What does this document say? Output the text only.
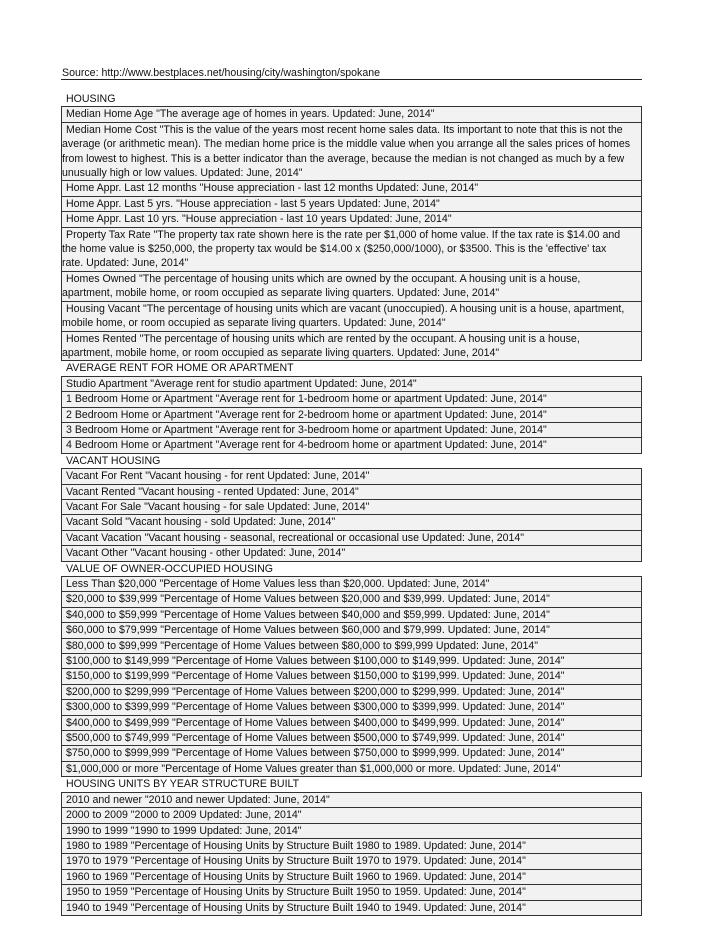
Source: http://www.bestplaces.net/housing/city/washington/spokane
HOUSING
Median Home Age "The average age of homes in years. Updated: June, 2014"
Median Home Cost "This is the value of the years most recent home sales data. Its important to note that this is not the
average (or arithmetic mean). The median home price is the middle value when you arrange all the sales prices of homes
from lowest to highest. This is a better indicator than the average, because the median is not changed as much by a few
unusually high or low values. Updated: June, 2014"
Home Appr. Last 12 months "House appreciation - last 12 months Updated: June, 2014"
Home Appr. Last 5 yrs. "House appreciation - last 5 years Updated: June, 2014"
Home Appr. Last 10 yrs. "House appreciation - last 10 years Updated: June, 2014"
Property Tax Rate "The property tax rate shown here is the rate per $1,000 of home value. If the tax rate is $14.00 and
the home value is $250,000, the property tax would be $14.00 x ($250,000/1000), or $3500. This is the 'effective' tax
rate. Updated: June, 2014"
Homes Owned "The percentage of housing units which are owned by the occupant. A housing unit is a house,
apartment, mobile home, or room occupied as separate living quarters. Updated: June, 2014"
Housing Vacant "The percentage of housing units which are vacant (unoccupied). A housing unit is a house, apartment,
mobile home, or room occupied as separate living quarters. Updated: June, 2014"
Homes Rented "The percentage of housing units which are rented by the occupant. A housing unit is a house,
apartment, mobile home, or room occupied as separate living quarters. Updated: June, 2014"
AVERAGE RENT FOR HOME OR APARTMENT
Studio Apartment "Average rent for studio apartment Updated: June, 2014"
1 Bedroom Home or Apartment "Average rent for 1-bedroom home or apartment Updated: June, 2014"
2 Bedroom Home or Apartment "Average rent for 2-bedroom home or apartment Updated: June, 2014"
3 Bedroom Home or Apartment "Average rent for 3-bedroom home or apartment Updated: June, 2014"
4 Bedroom Home or Apartment "Average rent for 4-bedroom home or apartment Updated: June, 2014"
VACANT HOUSING
Vacant For Rent "Vacant housing - for rent Updated: June, 2014"
Vacant Rented "Vacant housing - rented Updated: June, 2014"
Vacant For Sale "Vacant housing - for sale Updated: June, 2014"
Vacant Sold "Vacant housing - sold Updated: June, 2014"
Vacant Vacation "Vacant housing - seasonal, recreational or occasional use Updated: June, 2014"
Vacant Other "Vacant housing - other Updated: June, 2014"
VALUE OF OWNER-OCCUPIED HOUSING
Less Than $20,000 "Percentage of Home Values less than $20,000. Updated: June, 2014"
$20,000 to $39,999 "Percentage of Home Values between $20,000 and $39,999. Updated: June, 2014"
$40,000 to $59,999 "Percentage of Home Values between $40,000 and $59,999. Updated: June, 2014"
$60,000 to $79,999 "Percentage of Home Values between $60,000 and $79,999. Updated: June, 2014"
$80,000 to $99,999 "Percentage of Home Values between $80,000 to $99,999 Updated: June, 2014"
$100,000 to $149,999 "Percentage of Home Values between $100,000 to $149,999. Updated: June, 2014"
$150,000 to $199,999 "Percentage of Home Values between $150,000 to $199,999. Updated: June, 2014"
$200,000 to $299,999 "Percentage of Home Values between $200,000 to $299,999. Updated: June, 2014"
$300,000 to $399,999 "Percentage of Home Values between $300,000 to $399,999. Updated: June, 2014"
$400,000 to $499,999 "Percentage of Home Values between $400,000 to $499,999. Updated: June, 2014"
$500,000 to $749,999 "Percentage of Home Values between $500,000 to $749,999. Updated: June, 2014"
$750,000 to $999,999 "Percentage of Home Values between $750,000 to $999,999. Updated: June, 2014"
$1,000,000 or more "Percentage of Home Values greater than $1,000,000 or more. Updated: June, 2014"
HOUSING UNITS BY YEAR STRUCTURE BUILT
2010 and newer "2010 and newer Updated: June, 2014"
2000 to 2009 "2000 to 2009 Updated: June, 2014"
1990 to 1999 "1990 to 1999 Updated: June, 2014"
1980 to 1989 "Percentage of Housing Units by Structure Built 1980 to 1989. Updated: June, 2014"
1970 to 1979 "Percentage of Housing Units by Structure Built 1970 to 1979. Updated: June, 2014"
1960 to 1969 "Percentage of Housing Units by Structure Built 1960 to 1969. Updated: June, 2014"
1950 to 1959 "Percentage of Housing Units by Structure Built 1950 to 1959. Updated: June, 2014"
1940 to 1949 "Percentage of Housing Units by Structure Built 1940 to 1949. Updated: June, 2014"
